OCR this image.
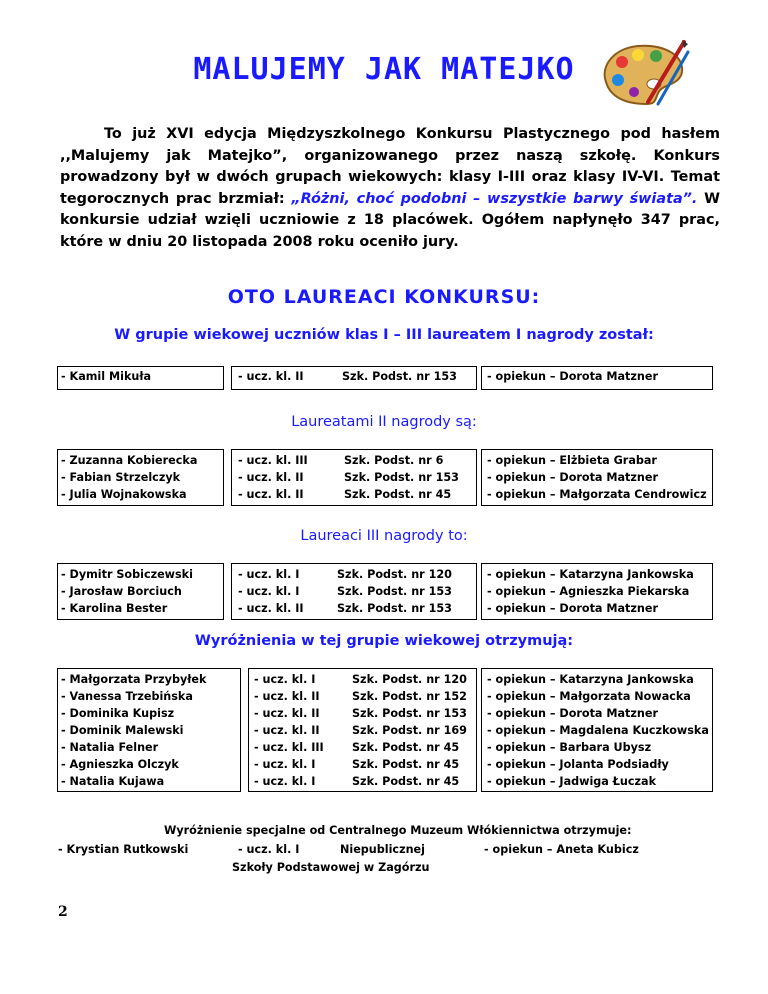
MALUJEMY JAK MATEJKO

To już XVI edycja Międzyszkolnego Konkursu Plastycznego pod hasłem ,,Malujemy jak Matejko”, organizowanego przez naszą szkołę. Konkurs prowadzony był w dwóch grupach wiekowych: klasy I-III oraz klasy IV-VI. Temat tegorocznych prac brzmiał: „Różni, choć podobni – wszystkie barwy świata”. W konkursie udział wzięli uczniowie z 18 placówek. Ogółem napłynęło 347 prac, które w dniu 20 listopada 2008 roku oceniło jury.

OTO LAUREACI KONKURSU:
W grupie wiekowej uczniów klas I – III laureatem I nagrody został:
- Kamil Mikuła	- ucz. kl. II	Szk. Podst. nr 153	- opiekun – Dorota Matzner
Laureatami II nagrody są:
- Zuzanna Kobierecka	- ucz. kl. III	Szk. Podst. nr 6	- opiekun – Elżbieta Grabar
- Fabian Strzelczyk	- ucz. kl. II	Szk. Podst. nr 153	- opiekun – Dorota Matzner
- Julia Wojnakowska	- ucz. kl. II	Szk. Podst. nr 45	- opiekun – Małgorzata Cendrowicz
Laureaci III nagrody to:
- Dymitr Sobiczewski	- ucz. kl. I	Szk. Podst. nr 120	- opiekun – Katarzyna Jankowska
- Jarosław Borciuch	- ucz. kl. I	Szk. Podst. nr 153	- opiekun – Agnieszka Piekarska
- Karolina Bester	- ucz. kl. II	Szk. Podst. nr 153	- opiekun – Dorota Matzner
Wyróżnienia w tej grupie wiekowej otrzymują:
- Małgorzata Przybyłek	- ucz. kl. I	Szk. Podst. nr 120 - opiekun – Katarzyna Jankowska
- Vanessa Trzebińska	- ucz. kl. II	Szk. Podst. nr 152 - opiekun – Małgorzata Nowacka
- Dominika Kupisz	- ucz. kl. II	Szk. Podst. nr 153 - opiekun – Dorota Matzner
- Dominik Malewski	- ucz. kl. II	Szk. Podst. nr 169 - opiekun – Magdalena Kuczkowska
- Natalia Felner	- ucz. kl. III	Szk. Podst. nr 45 - opiekun – Barbara Ubysz
- Agnieszka Olczyk	- ucz. kl. I	Szk. Podst. nr 45 - opiekun – Jolanta Podsiadły
- Natalia Kujawa	- ucz. kl. I	Szk. Podst. nr 45 - opiekun – Jadwiga Łuczak
Wyróżnienie specjalne od Centralnego Muzeum Włókiennictwa otrzymuje:
- Krystian Rutkowski	- ucz. kl. I	Niepublicznej	- opiekun – Aneta Kubicz
Szkoły Podstawowej w Zagórzu
2
